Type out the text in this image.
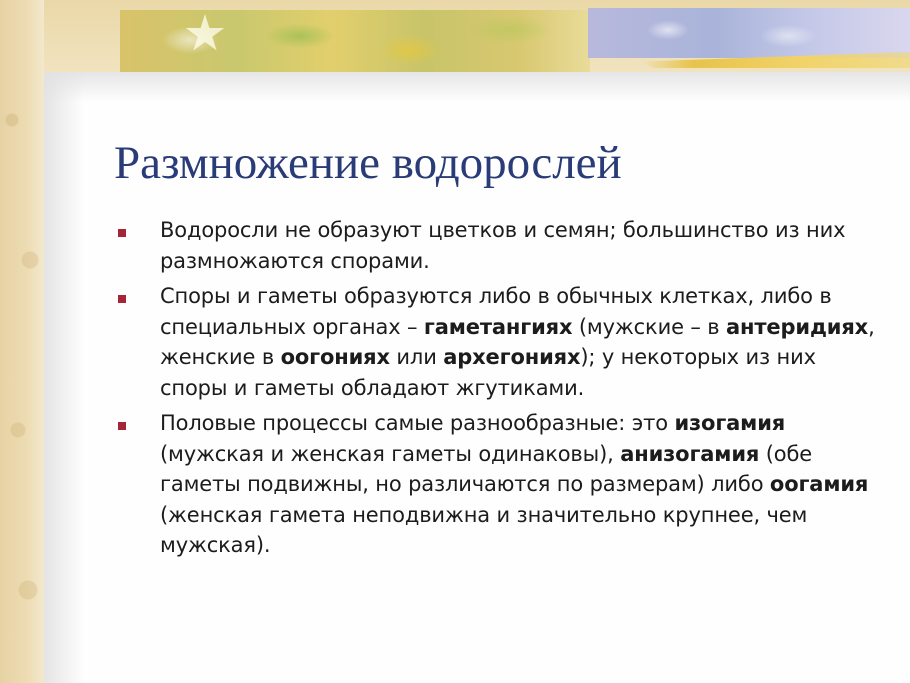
Размножение водорослей
Водоросли не образуют цветков и семян; большинство из них размножаются спорами.
Споры и гаметы образуются либо в обычных клетках, либо в специальных органах – гаметангиях (мужские – в антеридиях, женские в оогониях или архегониях); у некоторых из них споры и гаметы обладают жгутиками.
Половые процессы самые разнообразные: это изогамия (мужская и женская гаметы одинаковы), анизогамия (обе гаметы подвижны, но различаются по размерам) либо оогамия (женская гамета неподвижна и значительно крупнее, чем мужская).
